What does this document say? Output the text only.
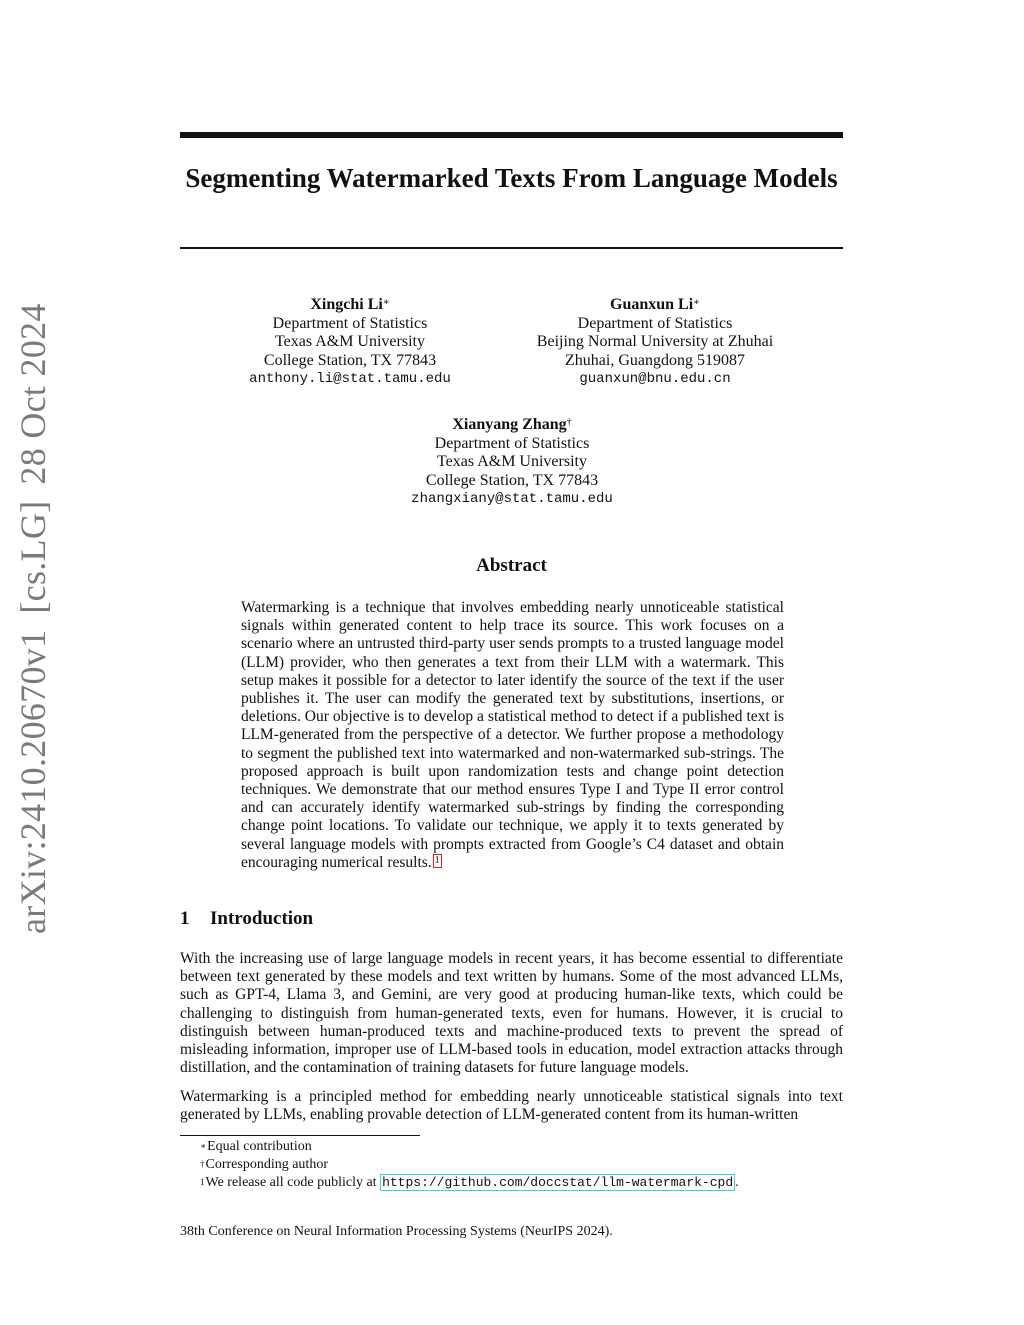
arXiv:2410.20670v1[cs.LG]28 Oct 2024
Segmenting Watermarked Texts From Language Models
Xingchi Li∗
Department of Statistics
Texas A&M University
College Station, TX 77843
anthony.li@stat.tamu.edu
Guanxun Li∗
Department of Statistics
Beijing Normal University at Zhuhai
Zhuhai, Guangdong 519087
guanxun@bnu.edu.cn
Xianyang Zhang†
Department of Statistics
Texas A&M University
College Station, TX 77843
zhangxiany@stat.tamu.edu
Abstract

Watermarking is a technique that involves embedding nearly unnoticeable statistical signals within generated content to help trace its source. This work focuses on a scenario where an untrusted third-party user sends prompts to a trusted language model (LLM) provider, who then generates a text from their LLM with a watermark. This setup makes it possible for a detector to later identify the source of the text if the user publishes it. The user can modify the generated text by substitutions, insertions, or deletions. Our objective is to develop a statistical method to detect if a published text is LLM-generated from the perspective of a detector. We further propose a methodology to segment the published text into watermarked and non-watermarked sub-strings. The proposed approach is built upon randomization tests and change point detection techniques. We demonstrate that our method ensures Type I and Type II error control and can accurately identify watermarked sub-strings by finding the corresponding change point locations. To validate our technique, we apply it to texts generated by several language models with prompts extracted from Google’s C4 dataset and obtain encouraging numerical results. 1

1 Introduction

With the increasing use of large language models in recent years, it has become essential to differentiate between text generated by these models and text written by humans. Some of the most advanced LLMs, such as GPT-4, Llama 3, and Gemini, are very good at producing human-like texts, which could be challenging to distinguish from human-generated texts, even for humans. However, it is crucial to distinguish between human-produced texts and machine-produced texts to prevent the spread of misleading information, improper use of LLM-based tools in education, model extraction attacks through distillation, and the contamination of training datasets for future language models.

Watermarking is a principled method for embedding nearly unnoticeable statistical signals into text generated by LLMs, enabling provable detection of LLM-generated content from its human-written

∗Equal contribution
†Corresponding author
$^1$We release all code publicly at https://github.com/doccstat/llm-watermark-cpd .
38th Conference on Neural Information Processing Systems (NeurIPS 2024).
